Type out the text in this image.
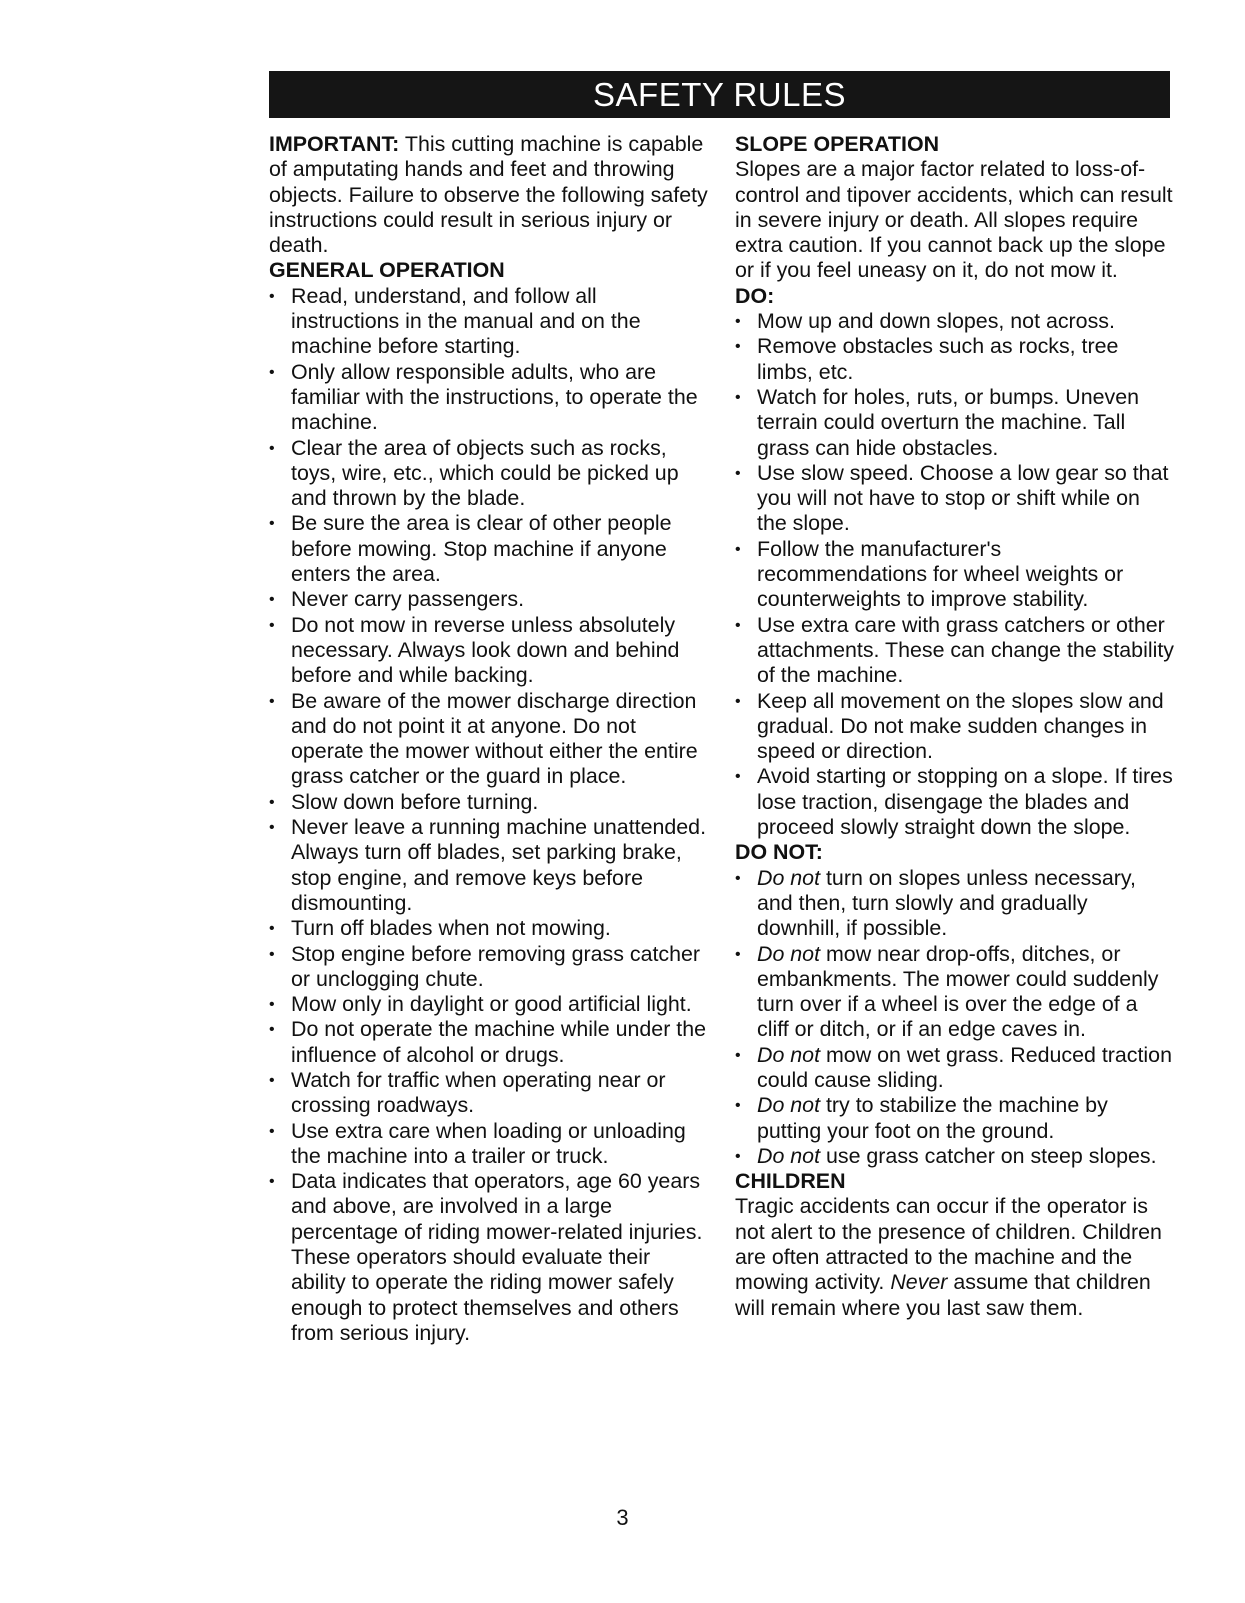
SAFETY RULES

IMPORTANT: This cutting machine is capable of amputating hands and feet and throwing objects. Failure to observe the following safety instructions could result in serious injury or death.

GENERAL OPERATION

• Read, understand, and follow all instructions in the manual and on the machine before starting.
• Only allow responsible adults, who are familiar with the instructions, to operate the machine.
• Clear the area of objects such as rocks, toys, wire, etc., which could be picked up and thrown by the blade.
• Be sure the area is clear of other people before mowing. Stop machine if anyone enters the area.
• Never carry passengers.
• Do not mow in reverse unless absolutely necessary. Always look down and behind before and while backing.
• Be aware of the mower discharge direction and do not point it at anyone. Do not operate the mower without either the entire grass catcher or the guard in place.
• Slow down before turning.
• Never leave a running machine unattended. Always turn off blades, set parking brake, stop engine, and remove keys before dismounting.
• Turn off blades when not mowing.
• Stop engine before removing grass catcher or unclogging chute.
• Mow only in daylight or good artificial light.
• Do not operate the machine while under the influence of alcohol or drugs.
• Watch for traffic when operating near or crossing roadways.
• Use extra care when loading or unloading the machine into a trailer or truck.
• Data indicates that operators, age 60 years and above, are involved in a large percentage of riding mower-related injuries. These operators should evaluate their ability to operate the riding mower safely enough to protect themselves and others from serious injury.

SLOPE OPERATION

Slopes are a major factor related to loss-of-control and tipover accidents, which can result in severe injury or death. All slopes require extra caution. If you cannot back up the slope or if you feel uneasy on it, do not mow it.

DO:

• Mow up and down slopes, not across.
• Remove obstacles such as rocks, tree limbs, etc.
• Watch for holes, ruts, or bumps. Uneven terrain could overturn the machine. Tall grass can hide obstacles.
• Use slow speed. Choose a low gear so that you will not have to stop or shift while on the slope.
• Follow the manufacturer's recommendations for wheel weights or counterweights to improve stability.
• Use extra care with grass catchers or other attachments. These can change the stability of the machine.
• Keep all movement on the slopes slow and gradual. Do not make sudden changes in speed or direction.
• Avoid starting or stopping on a slope. If tires lose traction, disengage the blades and proceed slowly straight down the slope.

DO NOT:

• Do not turn on slopes unless necessary, and then, turn slowly and gradually downhill, if possible.
• Do not mow near drop-offs, ditches, or embankments. The mower could suddenly turn over if a wheel is over the edge of a cliff or ditch, or if an edge caves in.
• Do not mow on wet grass. Reduced traction could cause sliding.
• Do not try to stabilize the machine by putting your foot on the ground.
• Do not use grass catcher on steep slopes.

CHILDREN

Tragic accidents can occur if the operator is not alert to the presence of children. Children are often attracted to the machine and the mowing activity. Never assume that children will remain where you last saw them.

3
